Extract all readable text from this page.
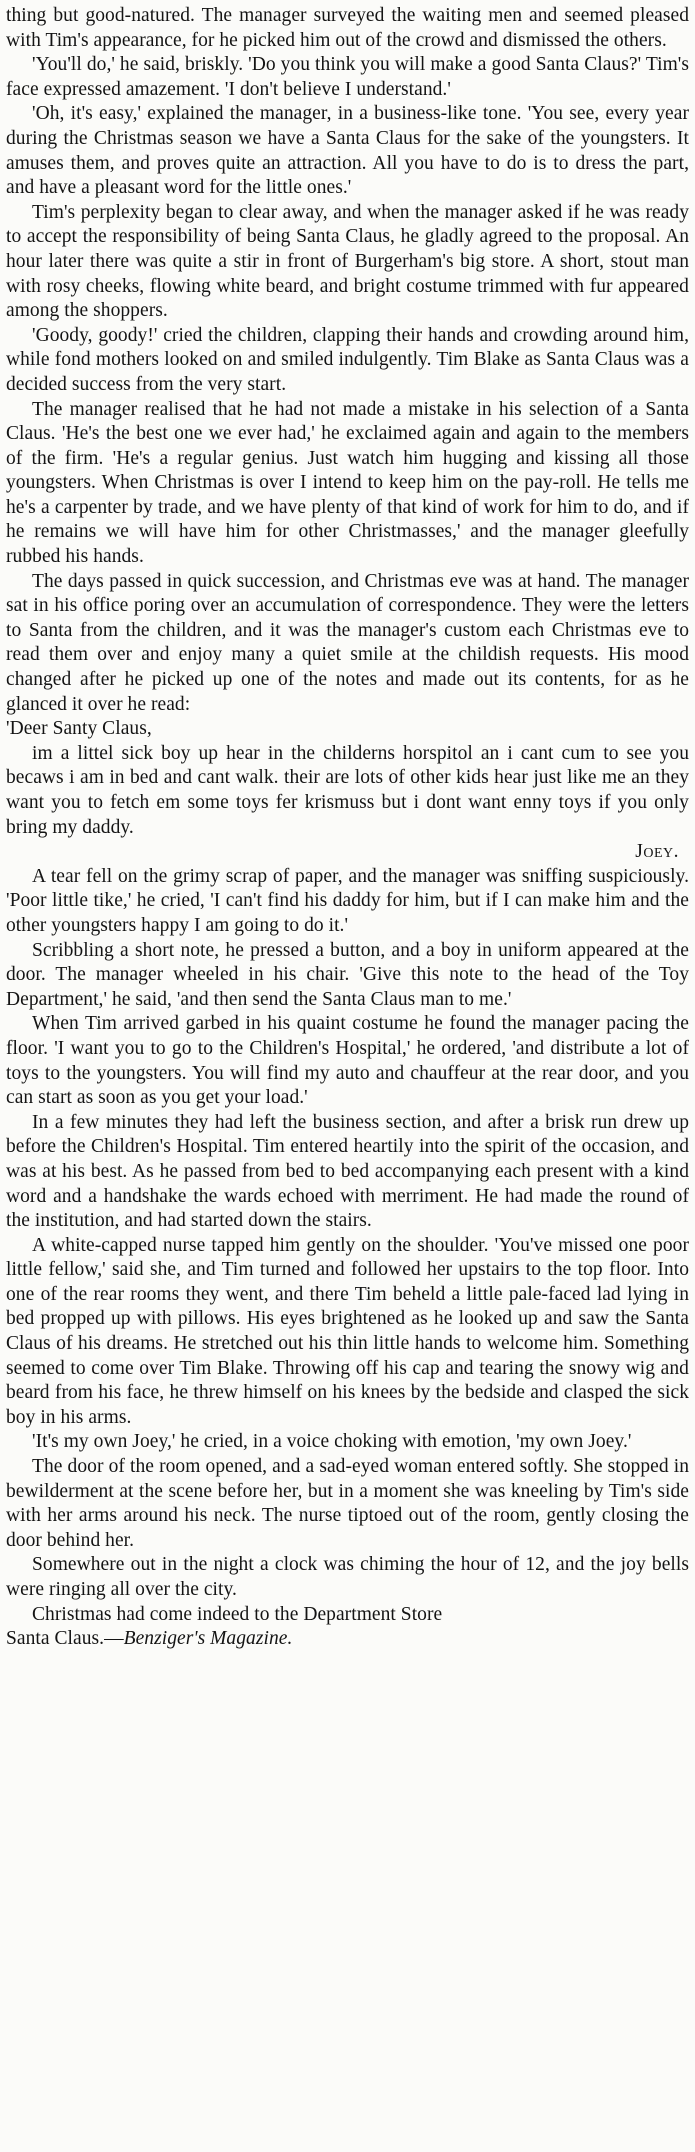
thing but good-natured. The manager surveyed the waiting men and seemed pleased with Tim's appearance, for he picked him out of the crowd and dismissed the others.

'You'll do,' he said, briskly. 'Do you think you will make a good Santa Claus?' Tim's face expressed amazement. 'I don't believe I understand.'

'Oh, it's easy,' explained the manager, in a business-like tone. 'You see, every year during the Christmas season we have a Santa Claus for the sake of the youngsters. It amuses them, and proves quite an attraction. All you have to do is to dress the part, and have a pleasant word for the little ones.'

Tim's perplexity began to clear away, and when the manager asked if he was ready to accept the responsibility of being Santa Claus, he gladly agreed to the proposal. An hour later there was quite a stir in front of Burgerham's big store. A short, stout man with rosy cheeks, flowing white beard, and bright costume trimmed with fur appeared among the shoppers.

'Goody, goody!' cried the children, clapping their hands and crowding around him, while fond mothers looked on and smiled indulgently. Tim Blake as Santa Claus was a decided success from the very start.

The manager realised that he had not made a mistake in his selection of a Santa Claus. 'He's the best one we ever had,' he exclaimed again and again to the members of the firm. 'He's a regular genius. Just watch him hugging and kissing all those youngsters. When Christmas is over I intend to keep him on the pay-roll. He tells me he's a carpenter by trade, and we have plenty of that kind of work for him to do, and if he remains we will have him for other Christmasses,' and the manager gleefully rubbed his hands.

The days passed in quick succession, and Christmas eve was at hand. The manager sat in his office poring over an accumulation of correspondence. They were the letters to Santa from the children, and it was the manager's custom each Christmas eve to read them over and enjoy many a quiet smile at the childish requests. His mood changed after he picked up one of the notes and made out its contents, for as he glanced it over he read:

'Deer Santy Claus,

im a littel sick boy up hear in the childerns horspitol an i cant cum to see you becaws i am in bed and cant walk. their are lots of other kids hear just like me an they want you to fetch em some toys fer krismuss but i dont want enny toys if you only bring my daddy.

Joey.

A tear fell on the grimy scrap of paper, and the manager was sniffing suspiciously. 'Poor little tike,' he cried, 'I can't find his daddy for him, but if I can make him and the other youngsters happy I am going to do it.'

Scribbling a short note, he pressed a button, and a boy in uniform appeared at the door. The manager wheeled in his chair. 'Give this note to the head of the Toy Department,' he said, 'and then send the Santa Claus man to me.'

When Tim arrived garbed in his quaint costume he found the manager pacing the floor. 'I want you to go to the Children's Hospital,' he ordered, 'and distribute a lot of toys to the youngsters. You will find my auto and chauffeur at the rear door, and you can start as soon as you get your load.'

In a few minutes they had left the business section, and after a brisk run drew up before the Children's Hospital. Tim entered heartily into the spirit of the occasion, and was at his best. As he passed from bed to bed accompanying each present with a kind word and a handshake the wards echoed with merriment. He had made the round of the institution, and had started down the stairs.

A white-capped nurse tapped him gently on the shoulder. 'You've missed one poor little fellow,' said she, and Tim turned and followed her upstairs to the top floor. Into one of the rear rooms they went, and there Tim beheld a little pale-faced lad lying in bed propped up with pillows. His eyes brightened as he looked up and saw the Santa Claus of his dreams. He stretched out his thin little hands to welcome him. Something seemed to come over Tim Blake. Throwing off his cap and tearing the snowy wig and beard from his face, he threw himself on his knees by the bedside and clasped the sick boy in his arms.

'It's my own Joey,' he cried, in a voice choking with emotion, 'my own Joey.'

The door of the room opened, and a sad-eyed woman entered softly. She stopped in bewilderment at the scene before her, but in a moment she was kneeling by Tim's side with her arms around his neck. The nurse tiptoed out of the room, gently closing the door behind her.

Somewhere out in the night a clock was chiming the hour of 12, and the joy bells were ringing all over the city.

Christmas had come indeed to the Department Store

Santa Claus.—Benziger's Magazine.
